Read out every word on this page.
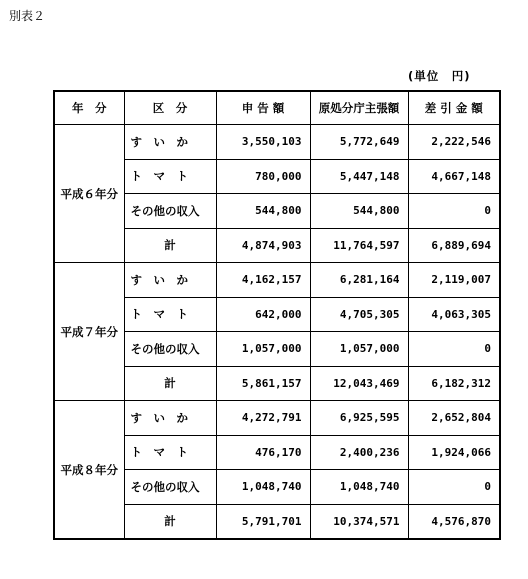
別表２
(単位　円)
年　分	区　分	申 告 額	原処分庁主張額	差 引 金 額
平成６年分	す　い　か	3,550,103	5,772,649	2,222,546
	ト　マ　ト	780,000	5,447,148	4,667,148
	その他の収入	544,800	544,800	0
	計	4,874,903	11,764,597	6,889,694
平成７年分	す　い　か	4,162,157	6,281,164	2,119,007
	ト　マ　ト	642,000	4,705,305	4,063,305
	その他の収入	1,057,000	1,057,000	0
	計	5,861,157	12,043,469	6,182,312
平成８年分	す　い　か	4,272,791	6,925,595	2,652,804
	ト　マ　ト	476,170	2,400,236	1,924,066
	その他の収入	1,048,740	1,048,740	0
	計	5,791,701	10,374,571	4,576,870
